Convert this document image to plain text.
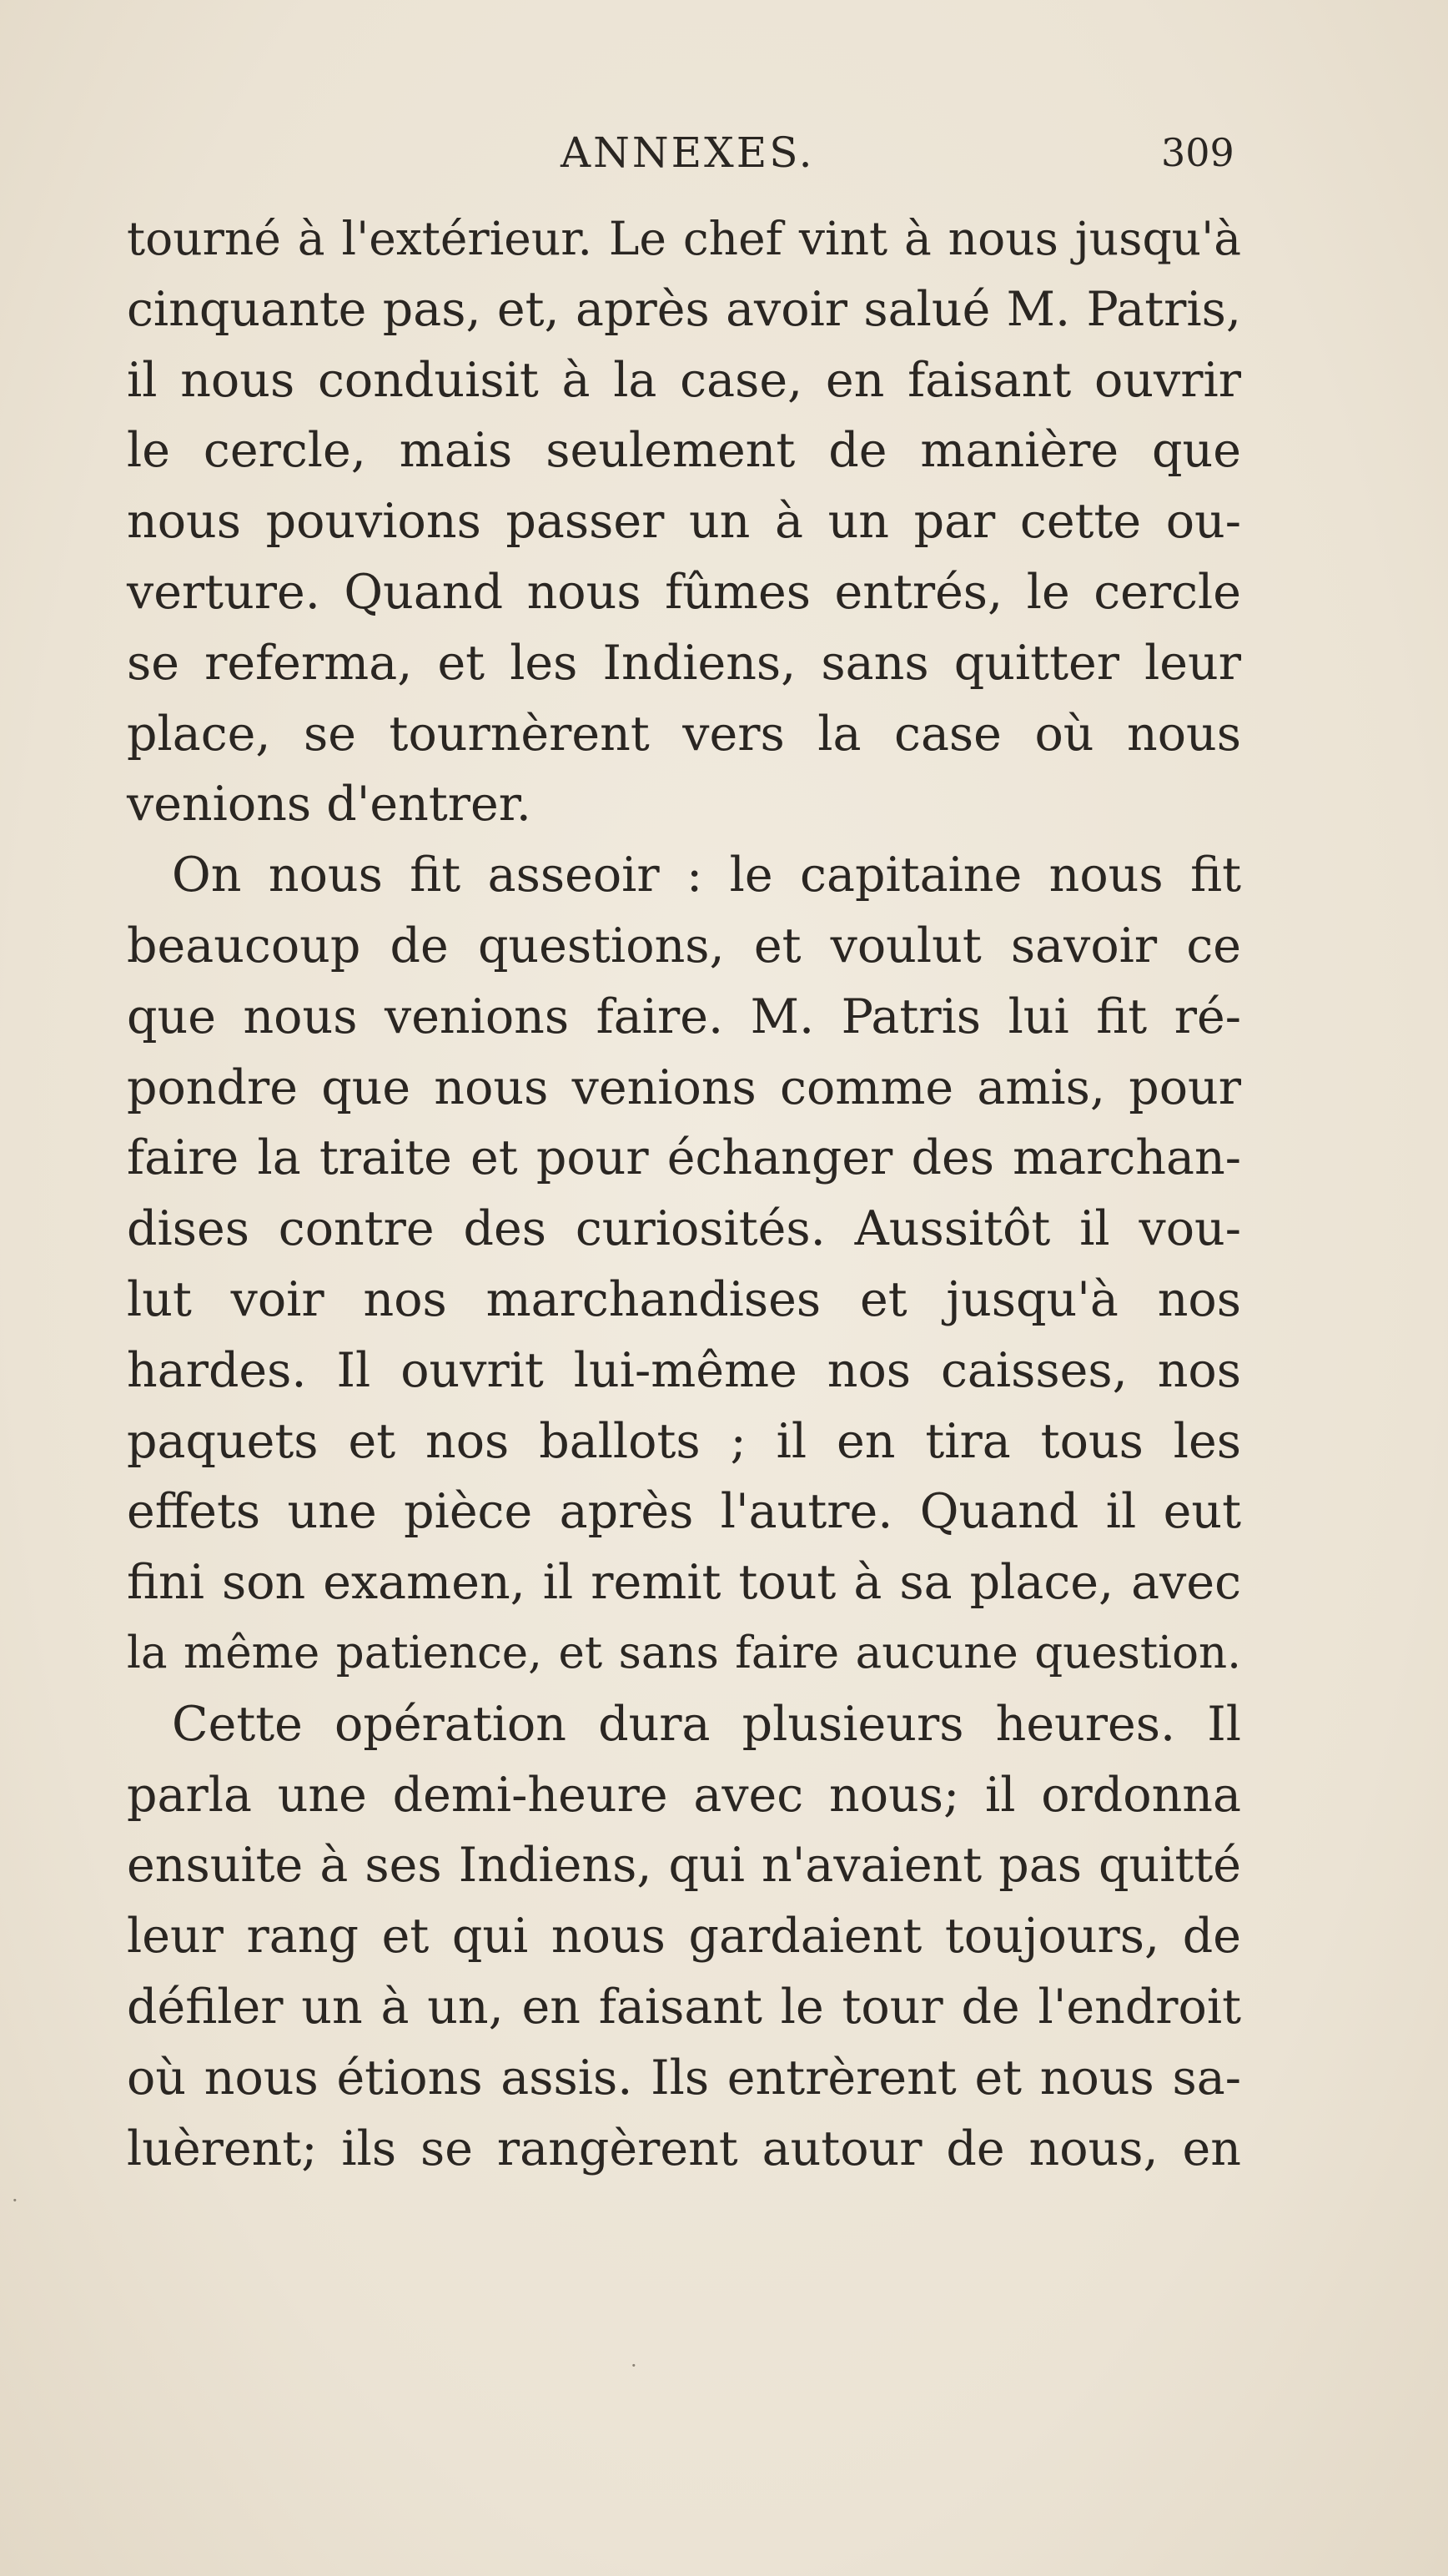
ANNEXES.	309
tourné à l'extérieur. Le chef vint à nous jusqu'à
cinquante pas, et, après avoir salué M. Patris,
il nous conduisit à la case, en faisant ouvrir
le cercle, mais seulement de manière que
nous pouvions passer un à un par cette ou-
verture. Quand nous fûmes entrés, le cercle
se referma, et les Indiens, sans quitter leur
place, se tournèrent vers la case où nous
venions d'entrer.
On nous fit asseoir : le capitaine nous fit
beaucoup de questions, et voulut savoir ce
que nous venions faire. M. Patris lui fit ré-
pondre que nous venions comme amis, pour
faire la traite et pour échanger des marchan-
dises contre des curiosités. Aussitôt il vou-
lut voir nos marchandises et jusqu'à nos
hardes. Il ouvrit lui-même nos caisses, nos
paquets et nos ballots ; il en tira tous les
effets une pièce après l'autre. Quand il eut
fini son examen, il remit tout à sa place, avec
la même patience, et sans faire aucune question.
Cette opération dura plusieurs heures. Il
parla une demi-heure avec nous; il ordonna
ensuite à ses Indiens, qui n'avaient pas quitté
leur rang et qui nous gardaient toujours, de
défiler un à un, en faisant le tour de l'endroit
où nous étions assis. Ils entrèrent et nous sa-
luèrent; ils se rangèrent autour de nous, en
·
·
